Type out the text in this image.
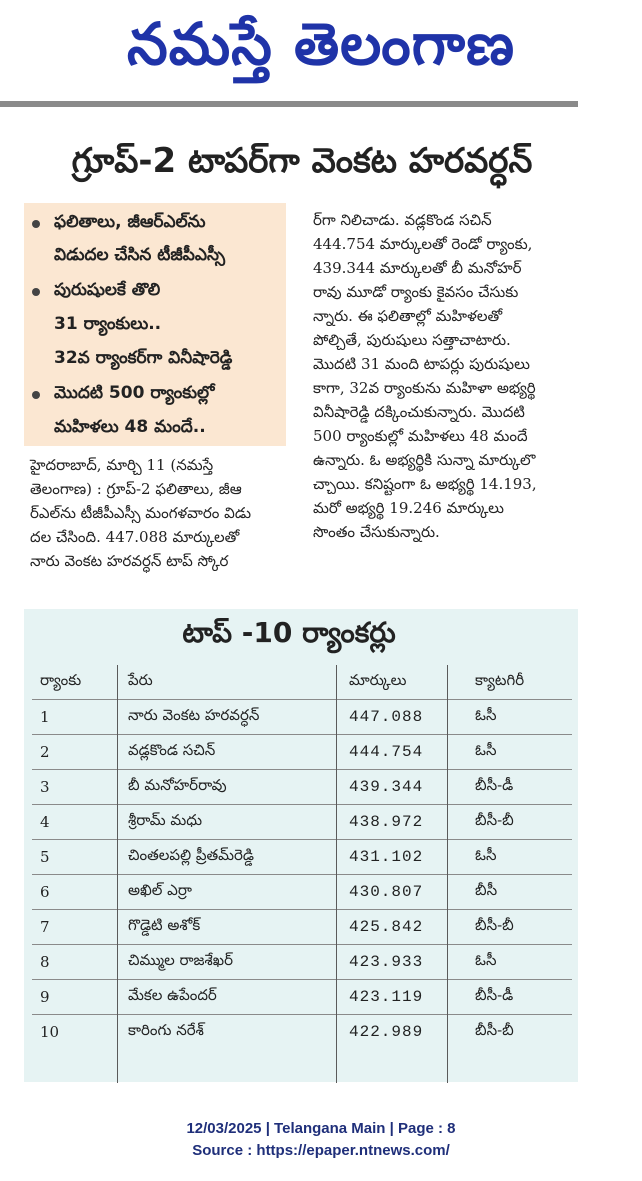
నమస్తే తెలంగాణ
గ్రూప్‌-2 టాపర్‌గా వెంకట హరవర్ధన్‌
ఫలితాలు, జీఆర్‌ఎల్‌ను
విడుదల చేసిన టీజీపీఎస్సీ
పురుషులకే తొలి
31 ర్యాంకులు..
32వ ర్యాంకర్‌గా వినీషారెడ్డి
మొదటి 500 ర్యాంకుల్లో
మహిళలు 48 మందే..
హైదరాబాద్‌, మార్చి 11 (నమస్తే
తెలంగాణ) : గ్రూప్‌-2 ఫలితాలు, జీఆ
ర్‌ఎల్‌ను టీజీపీఎస్సీ మంగళవారం విడు
దల చేసింది. 447.088 మార్కులతో
నారు వెంకట హరవర్ధన్‌ టాప్‌ స్కోర
ర్‌గా నిలిచాడు. వడ్లకొండ సచిన్‌
444.754 మార్కులతో రెండో ర్యాంకు,
439.344 మార్కులతో బీ మనోహర్‌
రావు మూడో ర్యాంకు కైవసం చేసుకు
న్నారు. ఈ ఫలితాల్లో మహిళలతో
పోల్చితే, పురుషులు సత్తాచాటారు.
మొదటి 31 మంది టాపర్లు పురుషులు
కాగా, 32వ ర్యాంకును మహిళా అభ్యర్థి
వినీషారెడ్డి దక్కించుకున్నారు. మొదటి
500 ర్యాంకుల్లో మహిళలు 48 మందే
ఉన్నారు. ఓ అభ్యర్థికి సున్నా మార్కులొ
చ్చాయి. కనిష్టంగా ఓ అభ్యర్థి 14.193,
మరో అభ్యర్థి 19.246 మార్కులు
సొంతం చేసుకున్నారు.
టాప్‌ -10 ర్యాంకర్లు
ర్యాంకు	పేరు	మార్కులు	క్యాటగిరీ
1	నారు వెంకట హరవర్ధన్‌	447.088	ఓసీ
2	వడ్లకొండ సచిన్‌	444.754	ఓసీ
3	బీ మనోహర్‌రావు	439.344	బీసీ-డీ
4	శ్రీరామ్‌ మధు	438.972	బీసీ-బీ
5	చింతలపల్లి ప్రీతమ్‌రెడ్డి	431.102	ఓసీ
6	అఖిల్‌ ఎర్రా	430.807	బీసీ
7	గొడ్డెటి అశోక్‌	425.842	బీసీ-బీ
8	చిమ్ముల రాజశేఖర్‌	423.933	ఓసీ
9	మేకల ఉపేందర్‌	423.119	బీసీ-డీ
10	కారింగు నరేశ్‌	422.989	బీసీ-బీ
12/03/2025 | Telangana Main | Page : 8
Source : https://epaper.ntnews.com/
